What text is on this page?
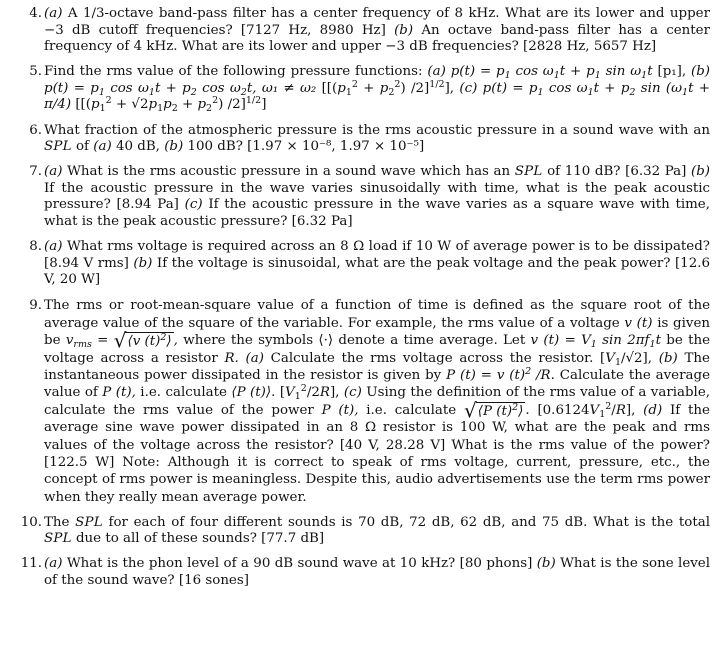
4. (a) A 1/3-octave band-pass filter has a center frequency of 8 kHz. What are its lower and upper −3 dB cutoff frequencies? [7127 Hz, 8980 Hz] (b) An octave band-pass filter has a center frequency of 4 kHz. What are its lower and upper −3 dB frequencies? [2828 Hz, 5657 Hz]
5. Find the rms value of the following pressure functions: (a) $p(t) = p_1$ $\cos \omega_1t + p_1$ $\sin \omega_1t$ [p₁], (b) $p(t) = p_1$ $\cos \omega_1t + p_2$ $\cos \omega_2t$, ω₁ ≠ ω₂ [[$(p_1^2 + p_2^2)$ /2]$^{1/2}$], (c) $p(t) = p_1$ $\cos \omega_1t + p_2$ $\sin (\omega_1t + \pi/4) [[(p_1^2 + √2p_1p_2 + p_2^2)$ /2]$^{1/2}$]
6. What fraction of the atmospheric pressure is the rms acoustic pressure in a sound wave with an SPL of (a) 40 dB, (b) 100 dB? [1.97 × 10⁻⁸, 1.97 × 10⁻⁵]
7. (a) What is the rms acoustic pressure in a sound wave which has an SPL of 110 dB? [6.32 Pa] (b) If the acoustic pressure in the wave varies sinusoidally with time, what is the peak acoustic pressure? [8.94 Pa] (c) If the acoustic pressure in the wave varies as a square wave with time, what is the peak acoustic pressure? [6.32 Pa]
8. (a) What rms voltage is required across an 8 Ω load if 10 W of average power is to be dissipated? [8.94 V rms] (b) If the voltage is sinusoidal, what are the peak voltage and the peak power? [12.6 V, 20 W]
9. The rms or root-mean-square value of a function of time is defined as the square root of the average value of the square of the variable. For example, the rms value of a voltage v (t) is given be $v_{rms}$ = √⟨v $(t)^2⟩$ , where the symbols ⟨·⟩ denote a time average. Let v $(t) = V_1$ $\sin 2\pi f_1t$ be the voltage across a resistor R. (a) Calculate the rms voltage across the resistor. $[V_1/√2]$, (b) The instantaneous power dissipated in the resistor is given by P (t) = v $(t)^2$ /R. Calculate the average value of P (t), i.e. calculate ⟨P (t)⟩. $[V_1^2/2R]$, (c) Using the definition of the rms value of a variable, calculate the rms value of the power P (t), i.e. calculate √⟨P $(t)^2⟩$ . $[0.6124V_1^2/R]$, (d) If the average sine wave power dissipated in an 8 Ω resistor is 100 W, what are the peak and rms values of the voltage across the resistor? [40 V, 28.28 V] What is the rms value of the power? [122.5 W] Note: Although it is correct to speak of rms voltage, current, pressure, etc., the concept of rms power is meaningless. Despite this, audio advertisements use the term rms power when they really mean average power.
10. The SPL for each of four different sounds is 70 dB, 72 dB, 62 dB, and 75 dB. What is the total SPL due to all of these sounds? [77.7 dB]
11. (a) What is the phon level of a 90 dB sound wave at 10 kHz? [80 phons] (b) What is the sone level of the sound wave? [16 sones]
